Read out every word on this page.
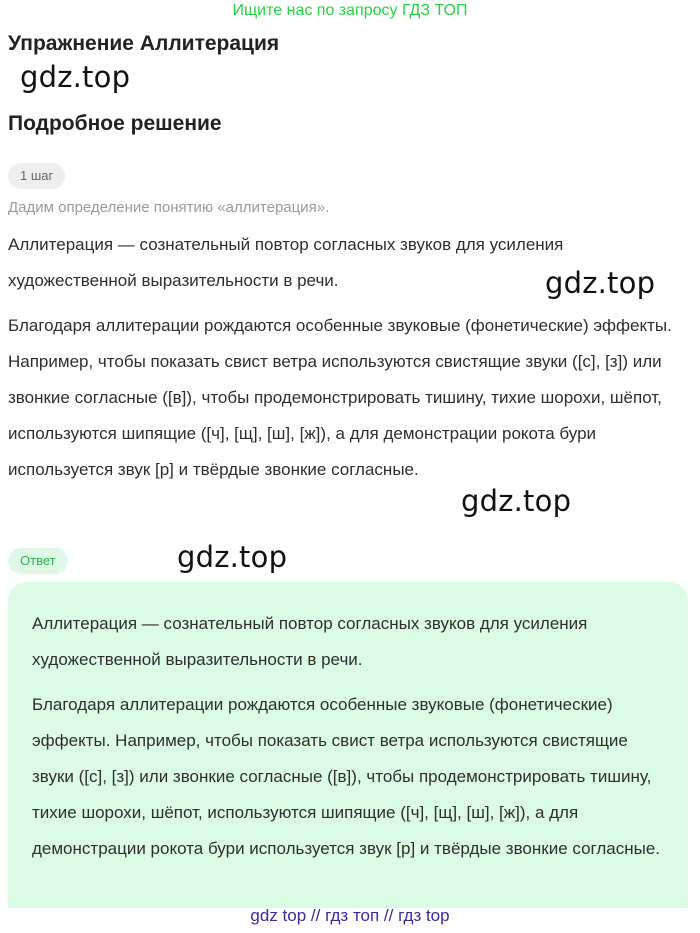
Ищите нас по запросу ГДЗ ТОП
Упражнение Аллитерация
gdz.top
Подробное решение
1 шаг
Дадим определение понятию «аллитерация».
Аллитерация — сознательный повтор согласных звуков для усиления художественной выразительности в речи.	gdz.top
Благодаря аллитерации рождаются особенные звуковые (фонетические) эффекты. Например, чтобы показать свист ветра используются свистящие звуки ([с], [з]) или звонкие согласные ([в]), чтобы продемонстрировать тишину, тихие шорохи, шёпот, используются шипящие ([ч], [щ], [ш], [ж]), а для демонстрации рокота бури используется звук [р] и твёрдые звонкие согласные.
gdz.top
Ответ	gdz.top
Аллитерация — сознательный повтор согласных звуков для усиления художественной выразительности в речи.
Благодаря аллитерации рождаются особенные звуковые (фонетические) эффекты. Например, чтобы показать свист ветра используются свистящие звуки ([с], [з]) или звонкие согласные ([в]), чтобы продемонстрировать тишину, тихие шорохи, шёпот, используются шипящие ([ч], [щ], [ш], [ж]), а для демонстрации рокота бури используется звук [р] и твёрдые звонкие согласные.
gdz top // гдз топ // гдз top
